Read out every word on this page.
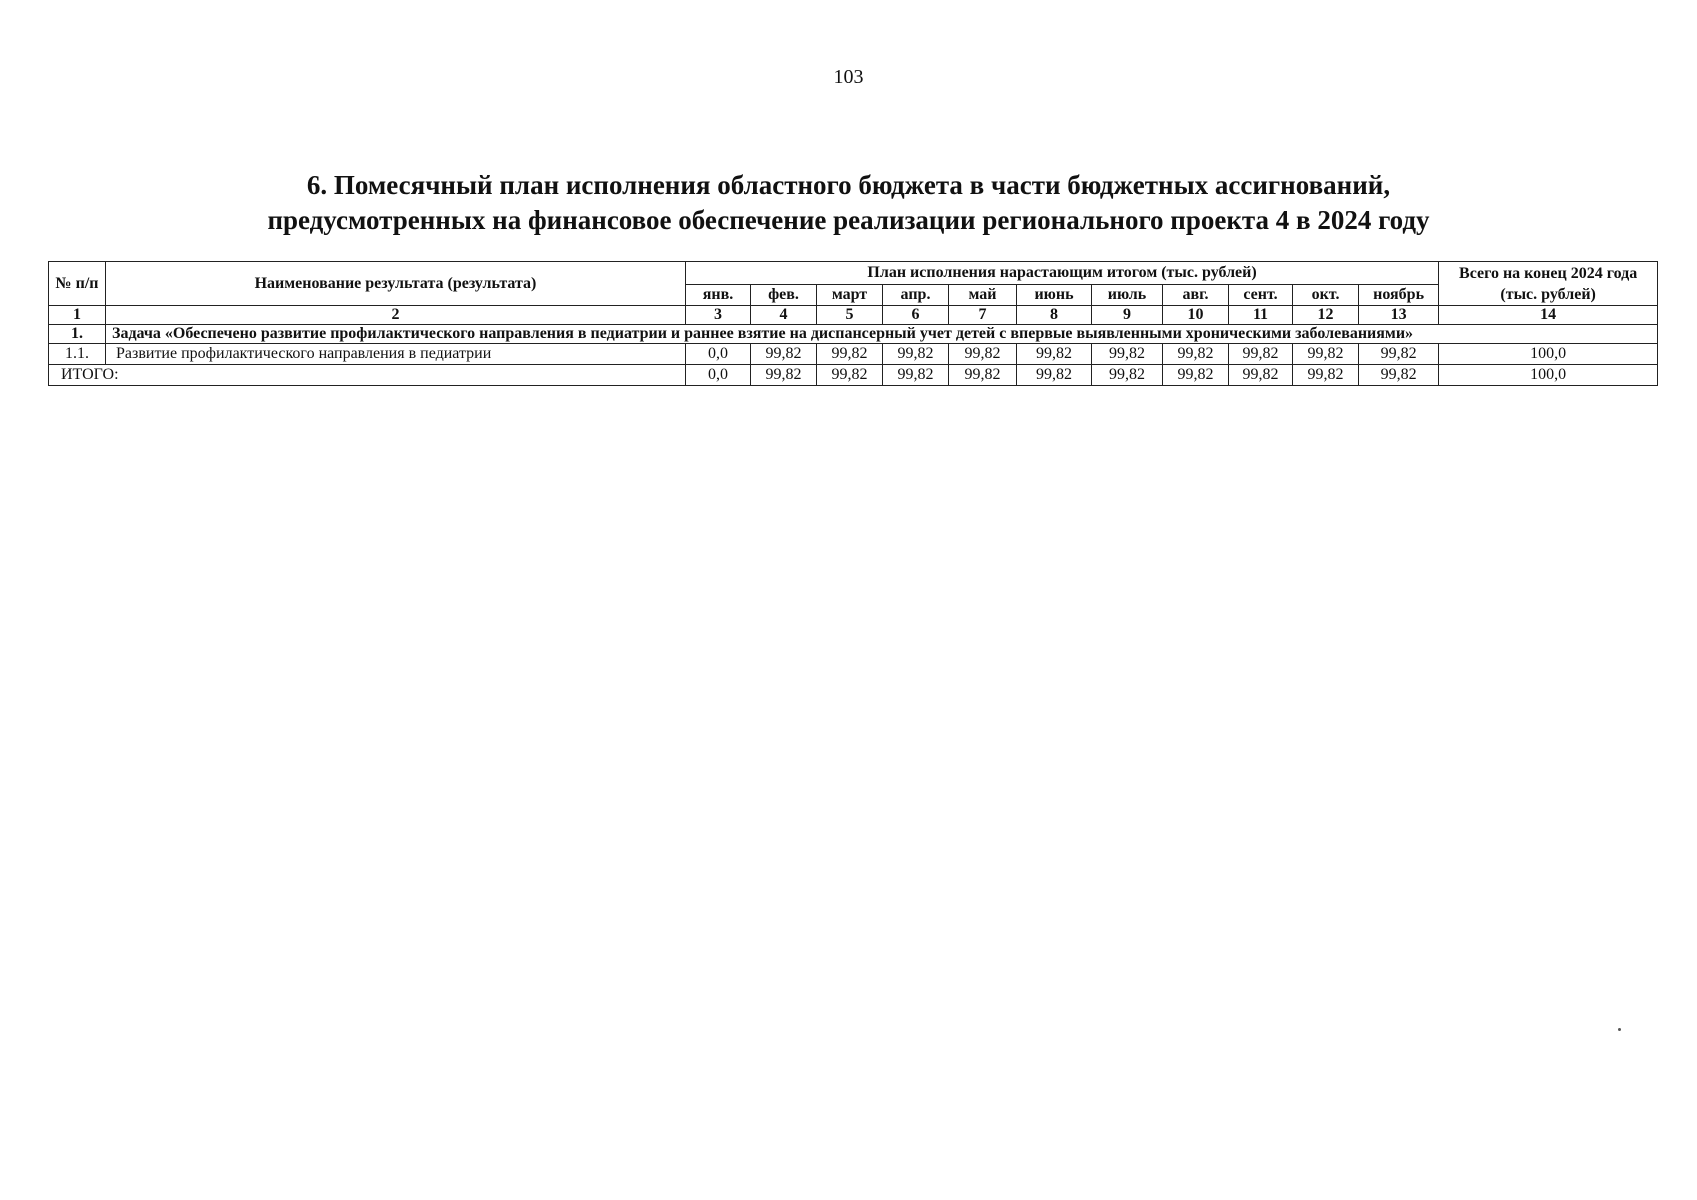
103
6. Помесячный план исполнения областного бюджета в части бюджетных ассигнований,
предусмотренных на финансовое обеспечение реализации регионального проекта 4 в 2024 году
№ п/п	Наименование результата (результата)	План исполнения нарастающим итогом (тыс. рублей)											Всего на конец 2024 года (тыс. рублей)
		янв.	фев.	март	апр.	май	июнь	июль	авг.	сент.	окт.	ноябрь	
1	2	3	4	5	6	7	8	9	10	11	12	13	14
1.	Задача «Обеспечено развитие профилактического направления в педиатрии и раннее взятие на диспансерный учет детей с впервые выявленными хроническими заболеваниями»												
1.1.	Развитие профилактического направления в педиатрии	0,0	99,82	99,82	99,82	99,82	99,82	99,82	99,82	99,82	99,82	99,82	100,0
ИТОГО:		0,0	99,82	99,82	99,82	99,82	99,82	99,82	99,82	99,82	99,82	99,82	100,0
